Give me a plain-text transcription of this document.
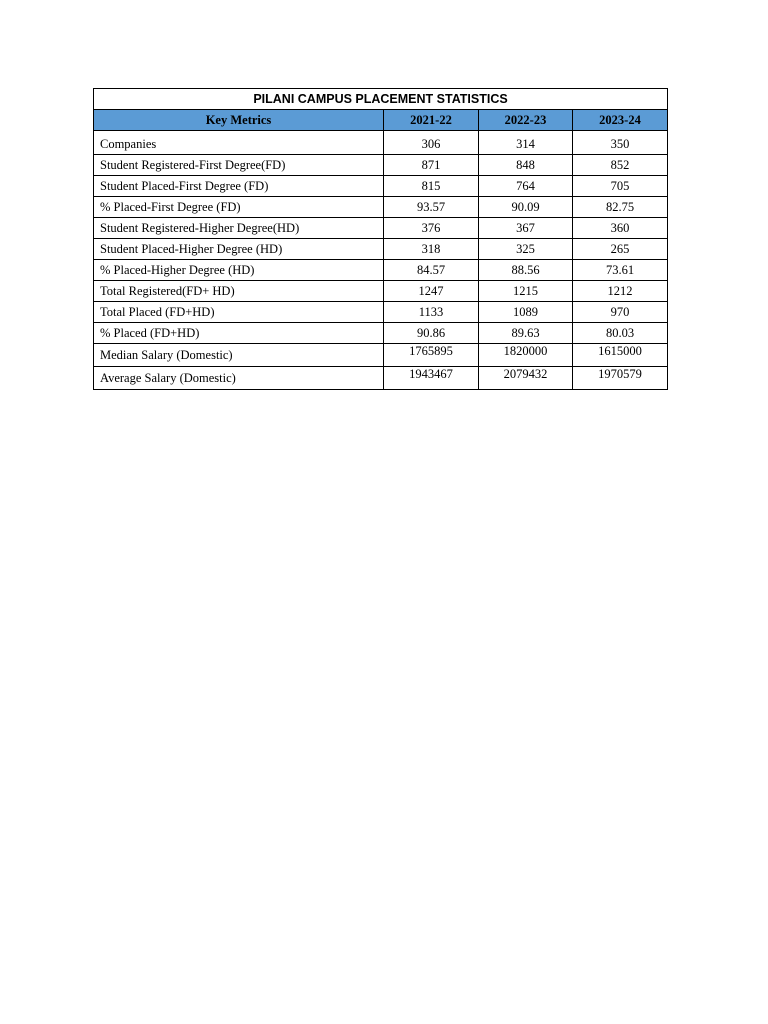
PILANI CAMPUS PLACEMENT STATISTICS			
Key Metrics	2021-22	2022-23	2023-24
Companies	306	314	350
Student Registered-First Degree(FD)	871	848	852
Student Placed-First Degree (FD)	815	764	705
% Placed-First Degree (FD)	93.57	90.09	82.75
Student Registered-Higher Degree(HD)	376	367	360
Student Placed-Higher Degree (HD)	318	325	265
% Placed-Higher Degree (HD)	84.57	88.56	73.61
Total Registered(FD+ HD)	1247	1215	1212
Total Placed (FD+HD)	1133	1089	970
% Placed (FD+HD)	90.86	89.63	80.03
Median Salary (Domestic)	1765895	1820000	1615000
Average Salary (Domestic)	1943467	2079432	1970579
